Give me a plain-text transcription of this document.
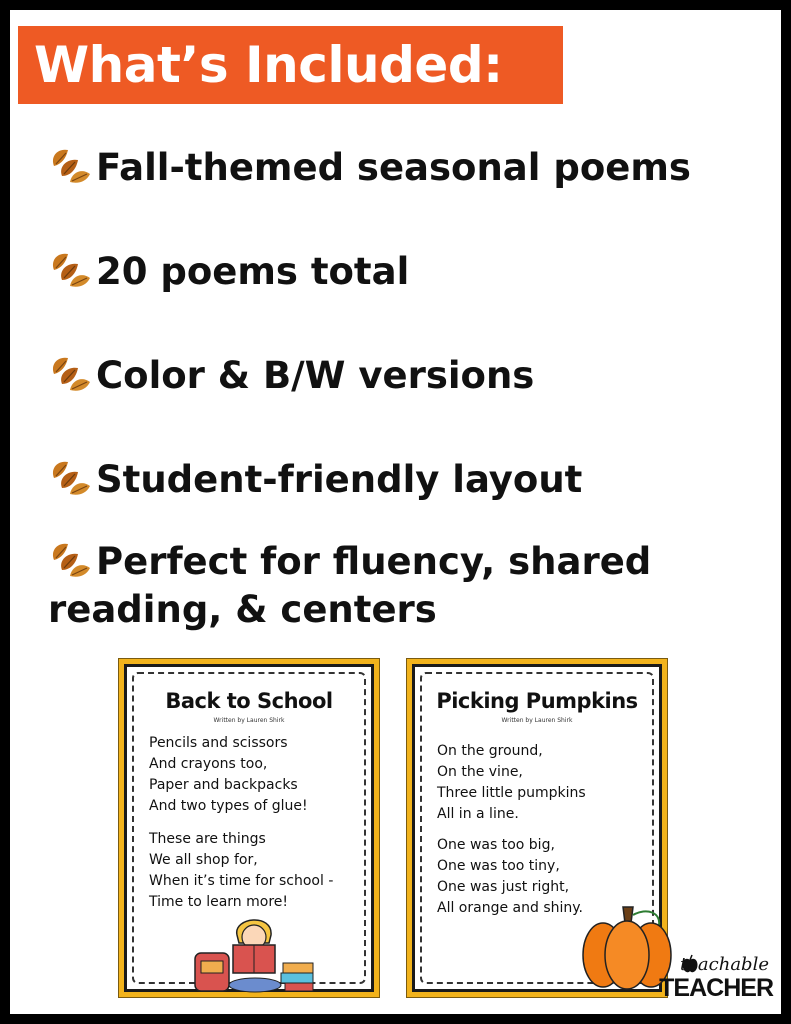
What’s Included:
Fall-themed seasonal poems
20 poems total
Color & B/W versions
Student-friendly layout
Perfect for fluency, shared
reading, & centers
Back to School
Written by Lauren Shirk
Pencils and scissors
And crayons too,
Paper and backpacks
And two types of glue!
These are things
We all shop for,
When it’s time for school -
Time to learn more!
Picking Pumpkins
Written by Lauren Shirk
On the ground,
On the vine,
Three little pumpkins
All in a line.
One was too big,
One was too tiny,
One was just right,
All orange and shiny.
teachable
TEACHER
